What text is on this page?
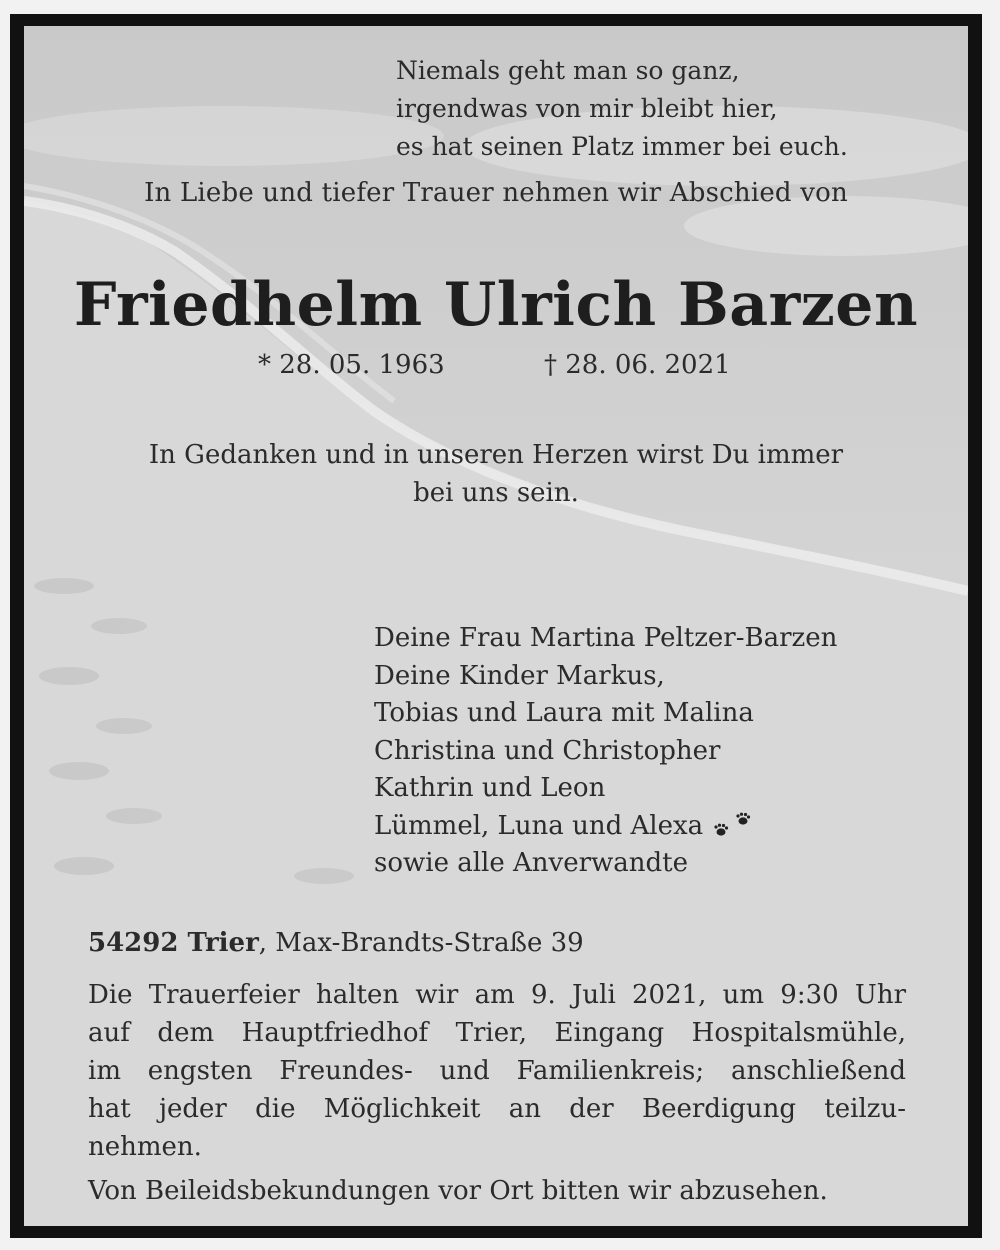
Niemals geht man so ganz,
irgendwas von mir bleibt hier,
es hat seinen Platz immer bei euch.
In Liebe und tiefer Trauer nehmen wir Abschied von
Friedhelm Ulrich Barzen
* 28. 05. 1963	† 28. 06. 2021
In Gedanken und in unseren Herzen wirst Du immer
bei uns sein.
Deine Frau Martina Peltzer-Barzen
Deine Kinder Markus,
Tobias und Laura mit Malina
Christina und Christopher
Kathrin und Leon
Lümmel, Luna und Alexa
sowie alle Anverwandte
54292 Trier, Max-Brandts-Straße 39
Die Trauerfeier halten wir am 9. Juli 2021, um 9:30 Uhr
auf dem Hauptfriedhof Trier, Eingang Hospitalsmühle,
im engsten Freundes- und Familienkreis; anschließend
hat jeder die Möglichkeit an der Beerdigung teilzu-
nehmen.
Von Beileidsbekundungen vor Ort bitten wir abzusehen.
